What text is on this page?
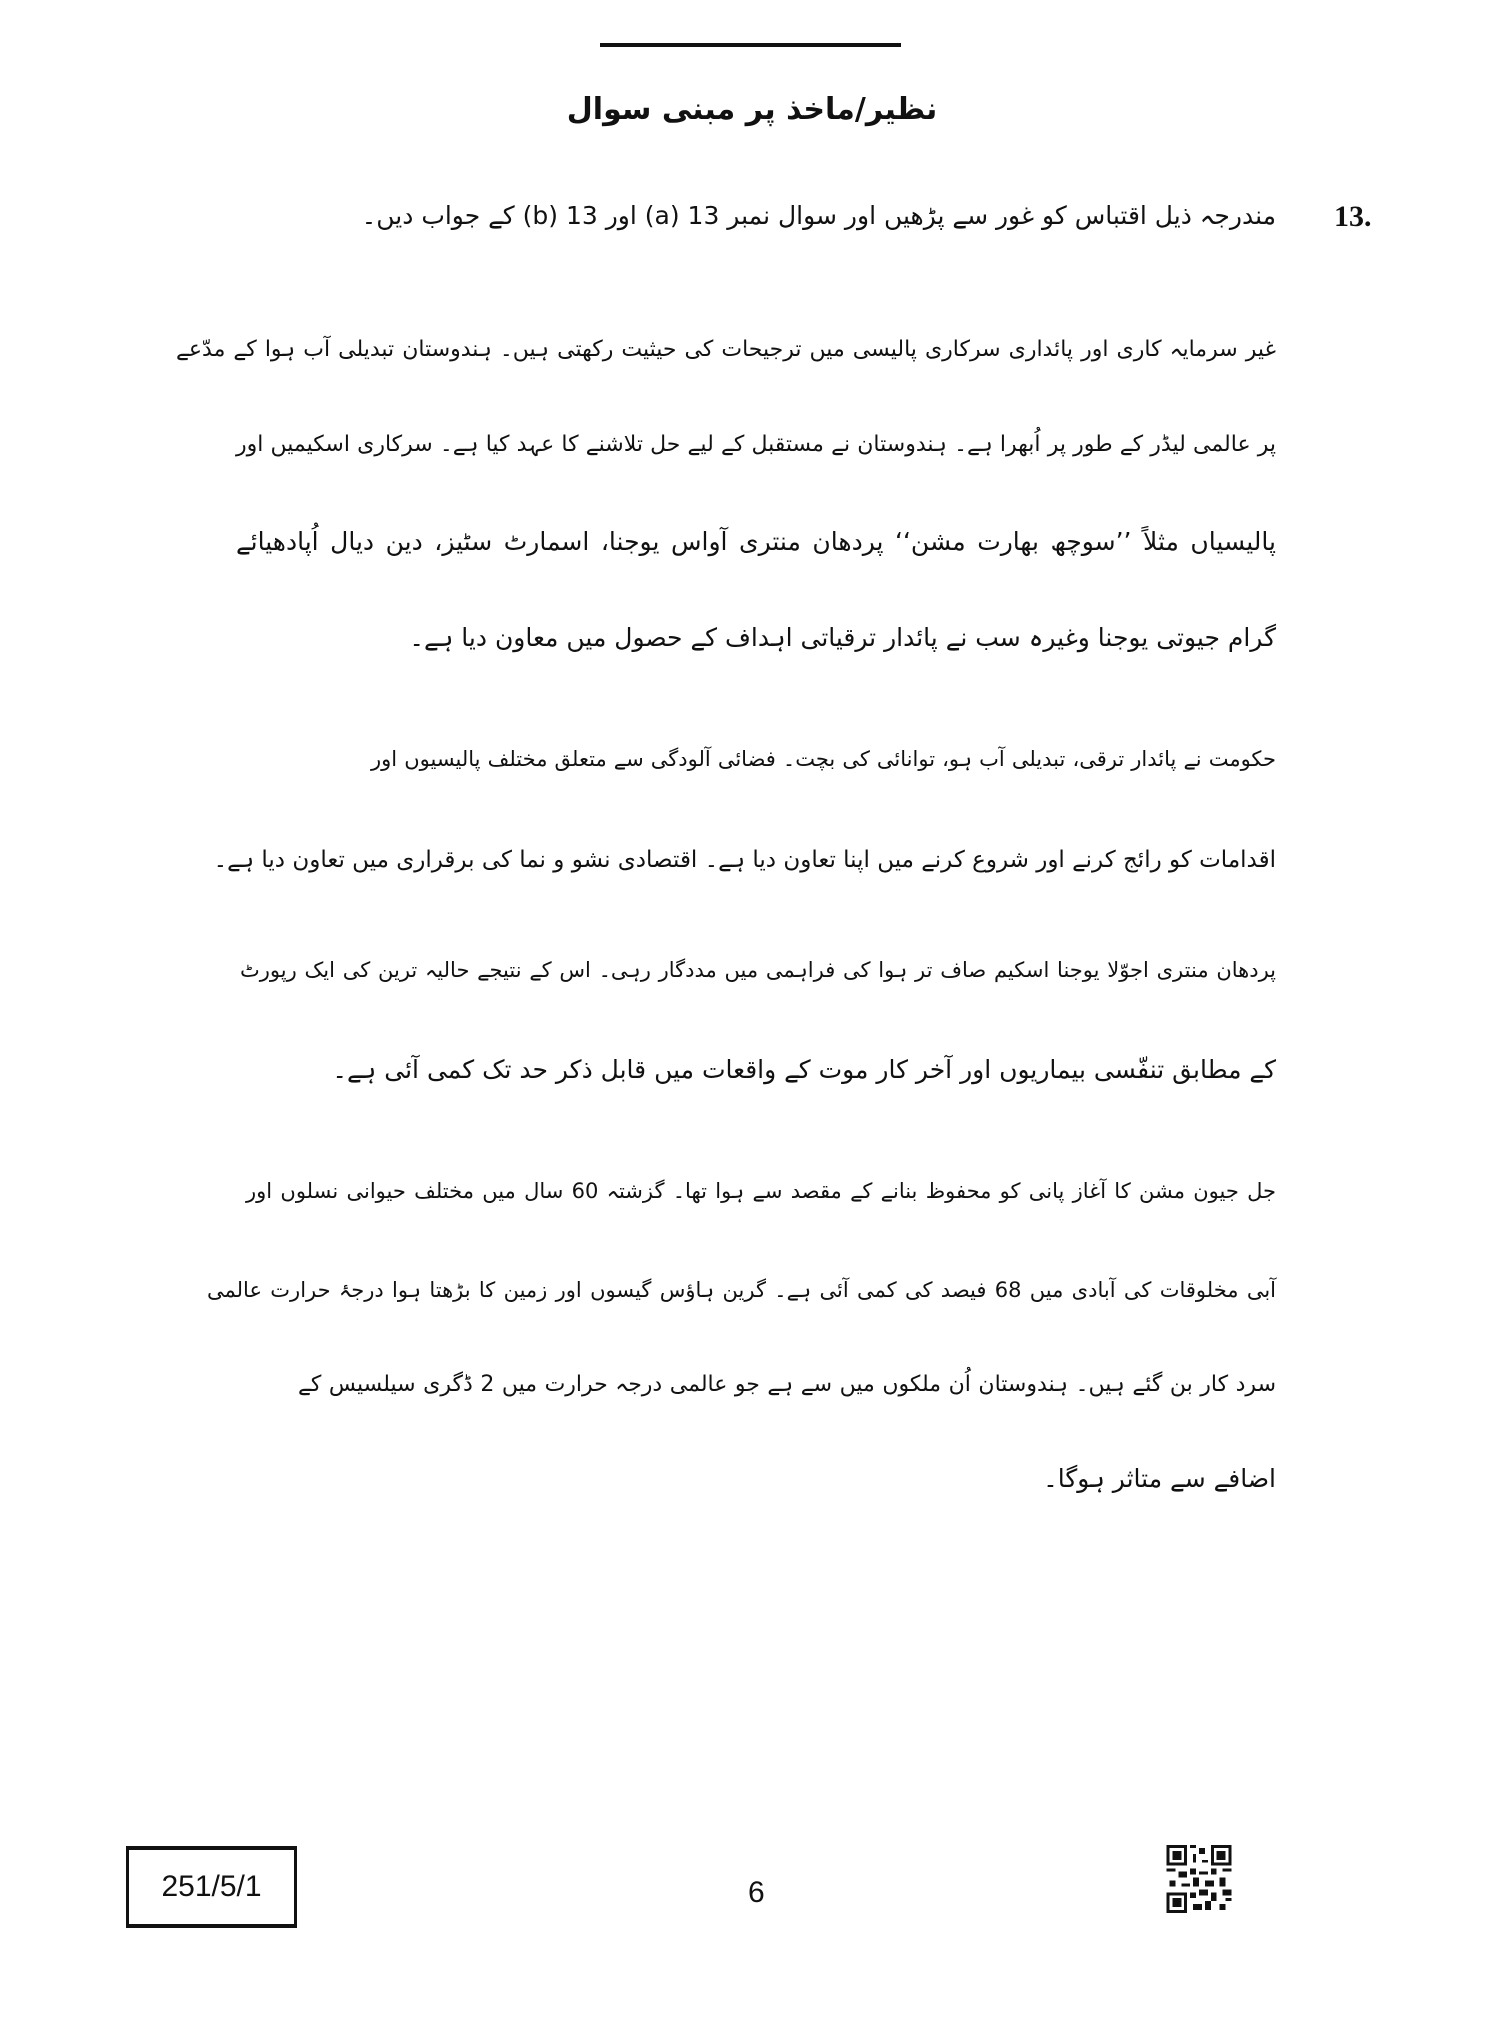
نظیر/ماخذ پر مبنی سوال
13.
مندرجہ ذیل اقتباس کو غور سے پڑھیں اور سوال نمبر 13 (a) اور 13 (b) کے جواب دیں۔
غیر سرمایہ کاری اور پائداری سرکاری پالیسی میں ترجیحات کی حیثیت رکھتی ہیں۔ ہندوستان تبدیلی آب ہوا کے مدّعے
پر عالمی لیڈر کے طور پر اُبھرا ہے۔ ہندوستان نے مستقبل کے لیے حل تلاشنے کا عہد کیا ہے۔ سرکاری اسکیمیں اور
پالیسیاں مثلاً ’’سوچھ بھارت مشن‘‘ پردھان منتری آواس یوجنا، اسمارٹ سٹیز، دین دیال اُپادھیائے
گرام جیوتی یوجنا وغیرہ سب نے پائدار ترقیاتی اہداف کے حصول میں معاون دیا ہے۔
حکومت نے پائدار ترقی، تبدیلی آب ہو، توانائی کی بچت۔ فضائی آلودگی سے متعلق مختلف پالیسیوں اور
اقدامات کو رائج کرنے اور شروع کرنے میں اپنا تعاون دیا ہے۔ اقتصادی نشو و نما کی برقراری میں تعاون دیا ہے۔
پردھان منتری اجوّلا یوجنا اسکیم صاف تر ہوا کی فراہمی میں مددگار رہی۔ اس کے نتیجے حالیہ ترین کی ایک رپورٹ
کے مطابق تنفّسی بیماریوں اور آخر کار موت کے واقعات میں قابل ذکر حد تک کمی آئی ہے۔
جل جیون مشن کا آغاز پانی کو محفوظ بنانے کے مقصد سے ہوا تھا۔ گزشتہ 60 سال میں مختلف حیوانی نسلوں اور
آبی مخلوقات کی آبادی میں 68 فیصد کی کمی آئی ہے۔ گرین ہاؤس گیسوں اور زمین کا بڑھتا ہوا درجۂ حرارت عالمی
سرد کار بن گئے ہیں۔ ہندوستان اُن ملکوں میں سے ہے جو عالمی درجہ حرارت میں 2 ڈگری سیلسیس کے
اضافے سے متاثر ہوگا۔
251/5/1	6
